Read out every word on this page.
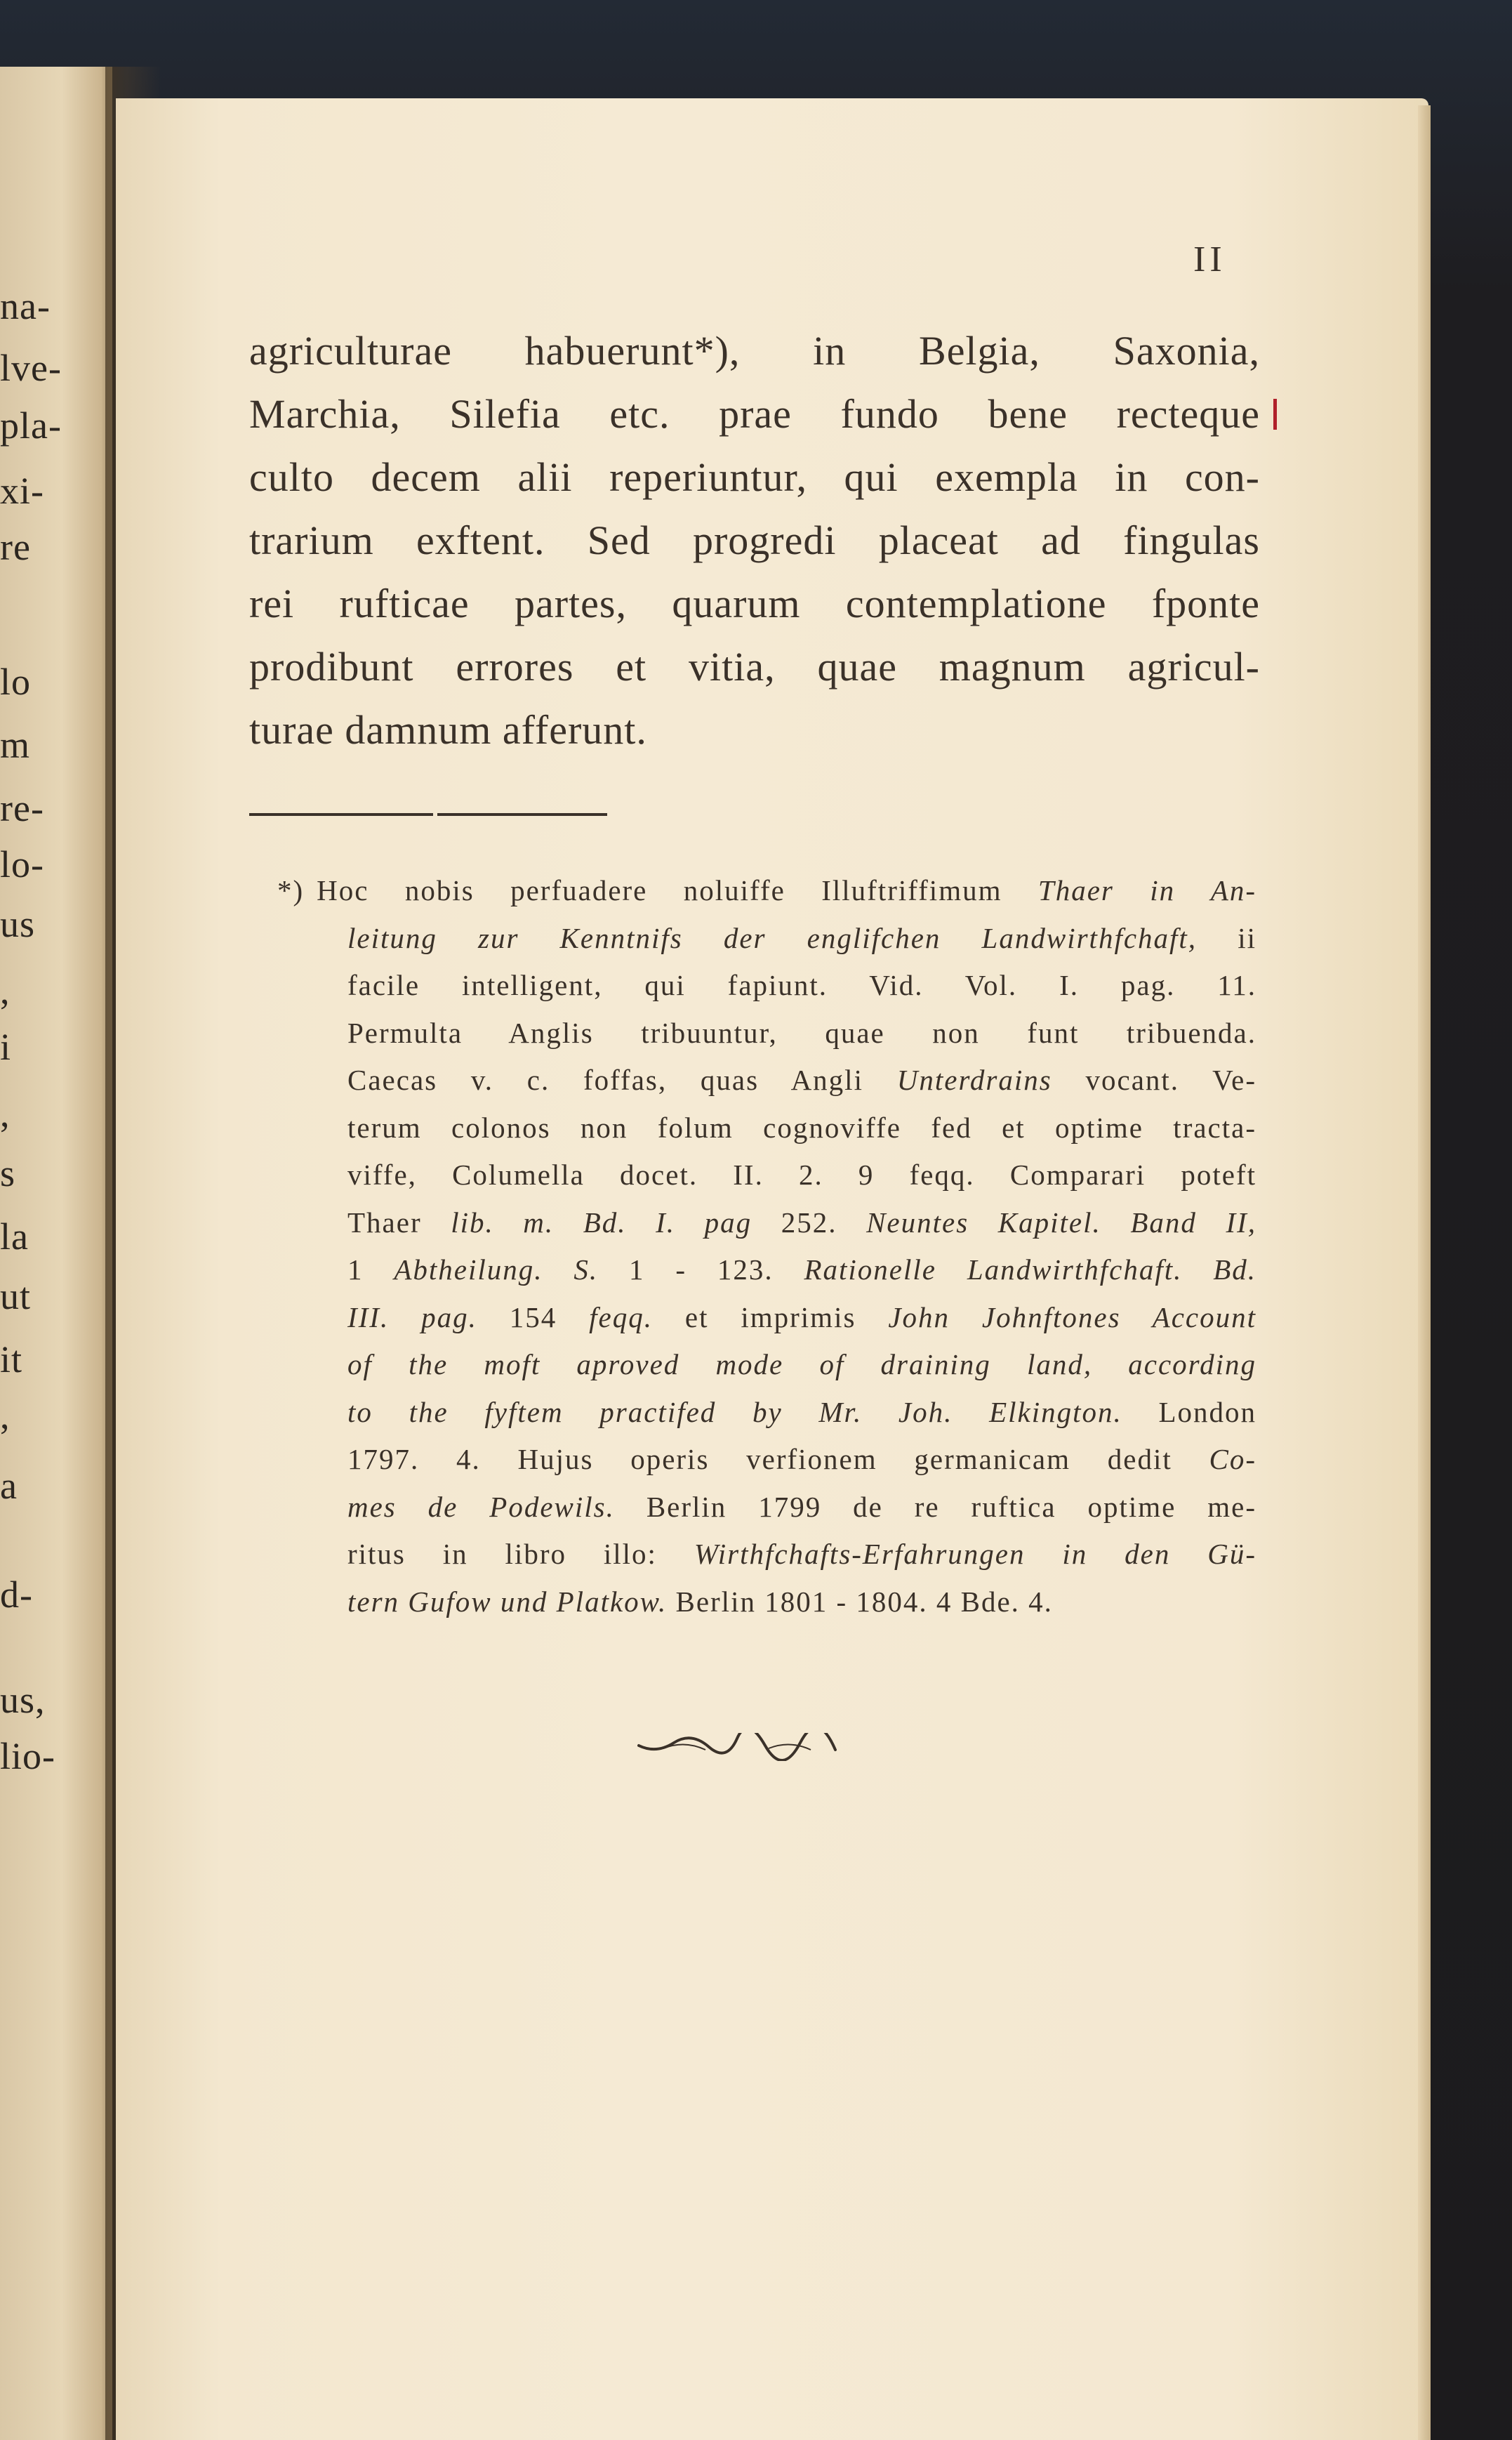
na-
lve-
pla-
xi-
re
lo
m
re-
lo-
us
,
i
,
s
la
ut
it
,
a
d-
us,
lio-
II
agriculturae habuerunt*), in Belgia, Saxonia,
Marchia, Silefia etc. prae fundo bene recteque
culto decem alii reperiuntur, qui exempla in con-
trarium exftent. Sed progredi placeat ad fingulas
rei rufticae partes, quarum contemplatione fponte
prodibunt errores et vitia, quae magnum agricul-
turae damnum afferunt.
*) Hoc nobis perfuadere noluiffe Illuftriffimum Thaer in An-
leitung zur Kenntnifs der englifchen Landwirthfchaft, ii
facile intelligent, qui fapiunt. Vid. Vol. I. pag. 11.
Permulta Anglis tribuuntur, quae non funt tribuenda.
Caecas v. c. foffas, quas Angli Unterdrains vocant. Ve-
terum colonos non folum cognoviffe fed et optime tracta-
viffe, Columella docet. II. 2. 9 feqq. Comparari poteft
Thaer lib. m. Bd. I. pag 252. Neuntes Kapitel. Band II,
1 Abtheilung. S. 1 - 123. Rationelle Landwirthfchaft. Bd.
III. pag. 154 feqq. et imprimis John Johnftones Account
of the moft aproved mode of draining land, according
to the fyftem practifed by Mr. Joh. Elkington. London
1797. 4. Hujus operis verfionem germanicam dedit Co-
mes de Podewils. Berlin 1799 de re ruftica optime me-
ritus in libro illo: Wirthfchafts-Erfahrungen in den Gü-
tern Gufow und Platkow. Berlin 1801 - 1804. 4 Bde. 4.
